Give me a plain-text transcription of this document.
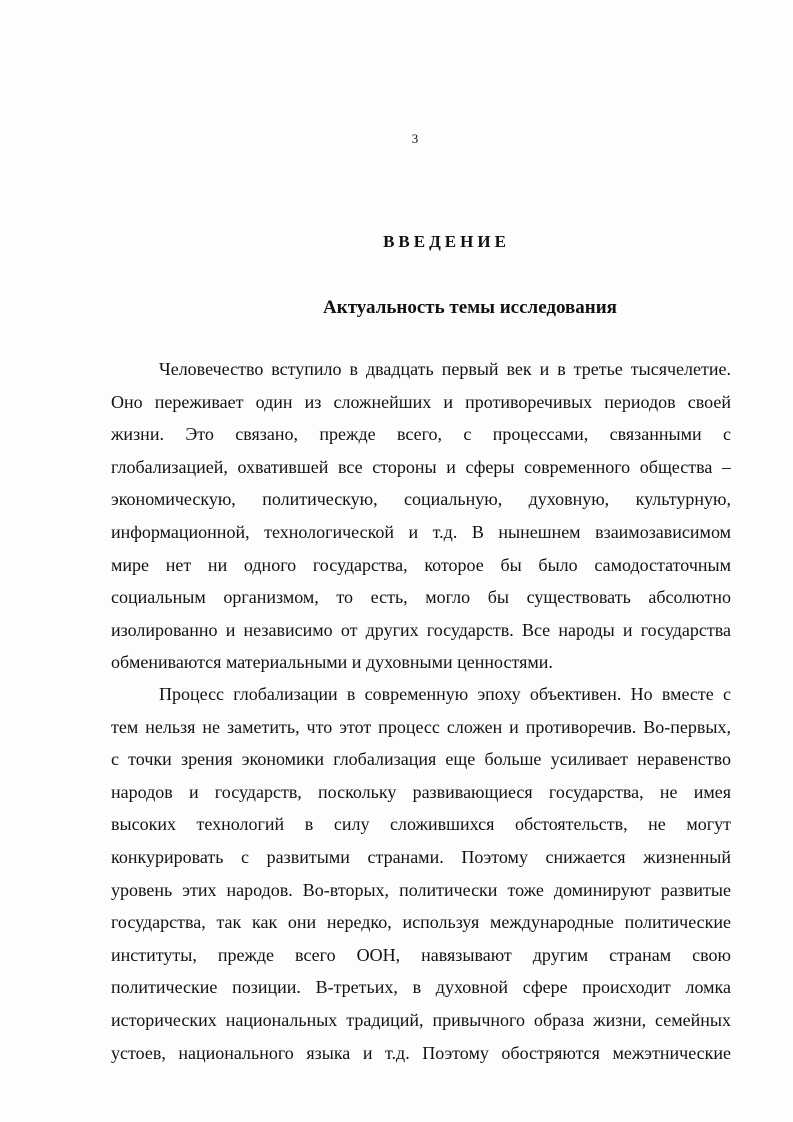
3
ВВЕДЕНИЕ
Актуальность темы исследования
Человечество вступило в двадцать первый век и в третье тысячелетие.
Оно переживает один из сложнейших и противоречивых периодов своей
жизни. Это связано, прежде всего, с процессами, связанными с
глобализацией, охватившей все стороны и сферы современного общества –
экономическую, политическую, социальную, духовную, культурную,
информационной, технологической и т.д. В нынешнем взаимозависимом
мире нет ни одного государства, которое бы было самодостаточным
социальным организмом, то есть, могло бы существовать абсолютно
изолированно и независимо от других государств. Все народы и государства
обмениваются материальными и духовными ценностями.
Процесс глобализации в современную эпоху объективен. Но вместе с
тем нельзя не заметить, что этот процесс сложен и противоречив. Во-первых,
с точки зрения экономики глобализация еще больше усиливает неравенство
народов и государств, поскольку развивающиеся государства, не имея
высоких технологий в силу сложившихся обстоятельств, не могут
конкурировать с развитыми странами. Поэтому снижается жизненный
уровень этих народов. Во-вторых, политически тоже доминируют развитые
государства, так как они нередко, используя международные политические
институты, прежде всего ООН, навязывают другим странам свою
политические позиции. В-третьих, в духовной сфере происходит ломка
исторических национальных традиций, привычного образа жизни, семейных
устоев, национального языка и т.д. Поэтому обостряются межэтнические
